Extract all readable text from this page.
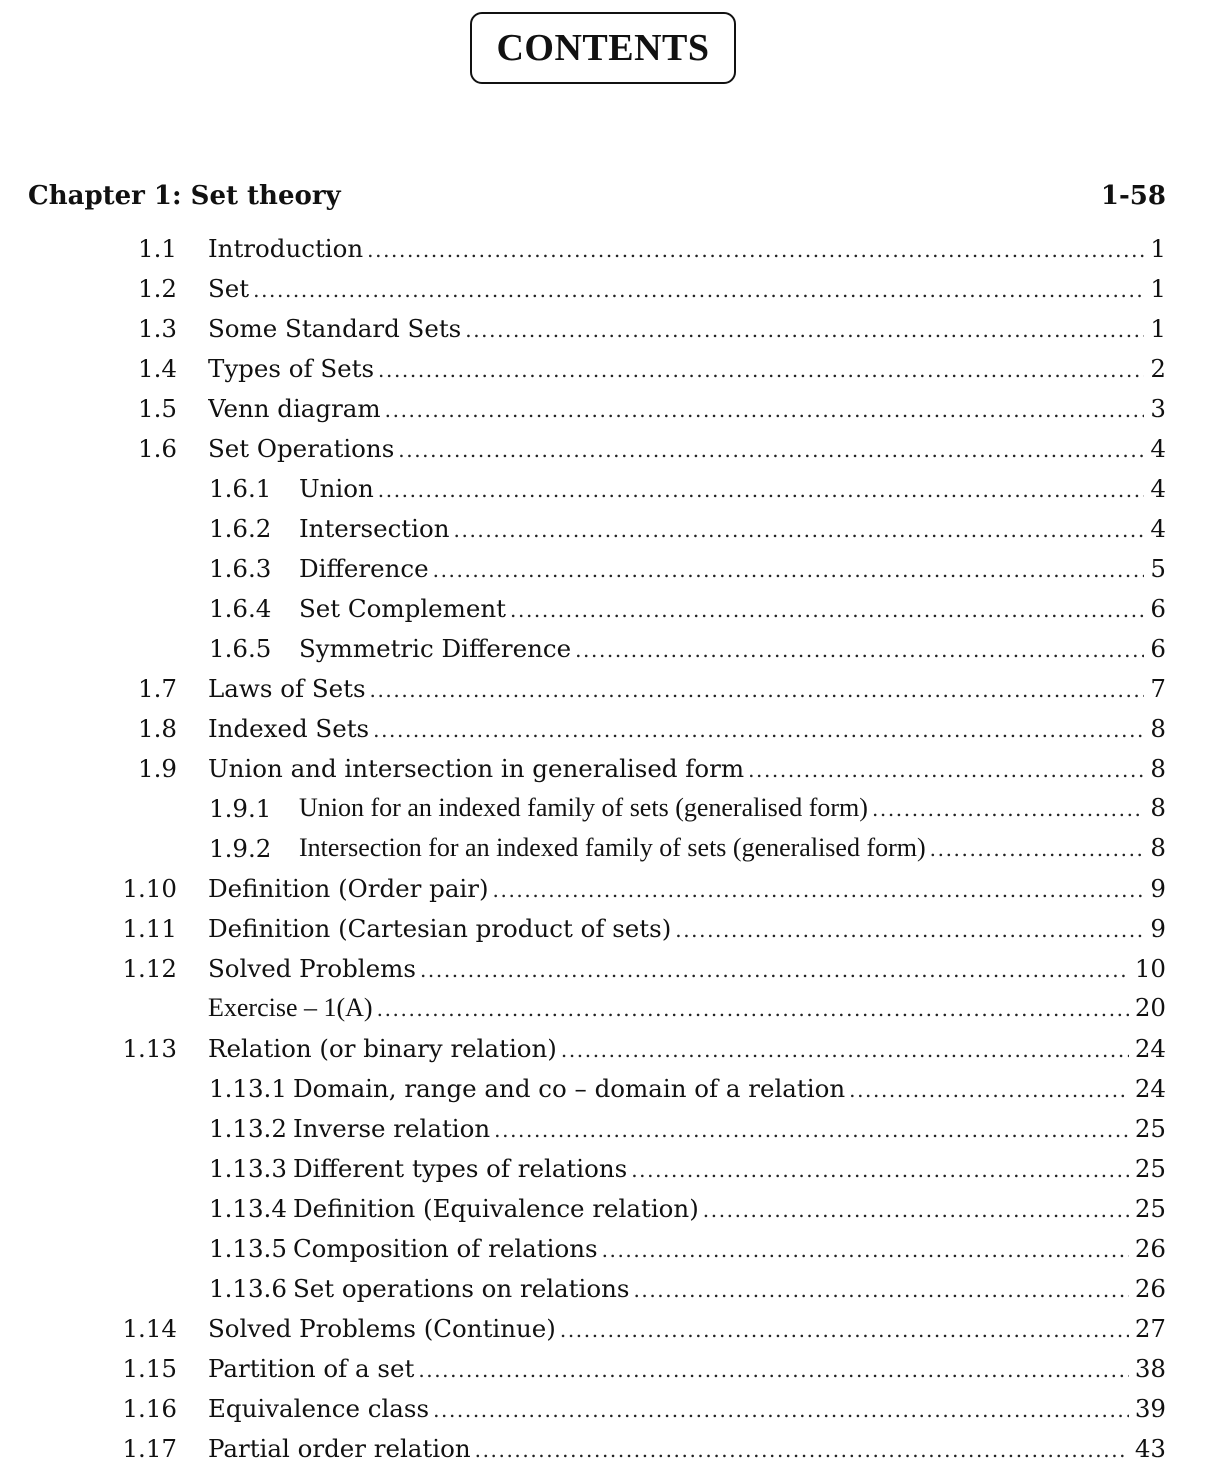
CONTENTS
Chapter 1: Set theory	1-58
1.1 Introduction .....	1
1.2 Set .....	1
1.3 Some Standard Sets .....	1
1.4 Types of Sets .....	2
1.5 Venn diagram .....	3
1.6 Set Operations .....	4
1.6.1 Union .....	4
1.6.2 Intersection .....	4
1.6.3 Difference .....	5
1.6.4 Set Complement .....	6
1.6.5 Symmetric Difference .....	6
1.7 Laws of Sets .....	7
1.8 Indexed Sets .....	8
1.9 Union and intersection in generalised form .....	8
1.9.1 Union for an indexed family of sets (generalised form) .....	8
1.9.2 Intersection for an indexed family of sets (generalised form) .....	8
1.10 Definition (Order pair) .....	9
1.11 Definition (Cartesian product of sets) .....	9
1.12 Solved Problems .....	10
Exercise – 1(A) .....	20
1.13 Relation (or binary relation) .....	24
1.13.1 Domain, range and co – domain of a relation .....	24
1.13.2 Inverse relation .....	25
1.13.3 Different types of relations .....	25
1.13.4 Definition (Equivalence relation) .....	25
1.13.5 Composition of relations .....	26
1.13.6 Set operations on relations .....	26
1.14 Solved Problems (Continue) .....	27
1.15 Partition of a set .....	38
1.16 Equivalence class .....	39
1.17 Partial order relation .....	43
